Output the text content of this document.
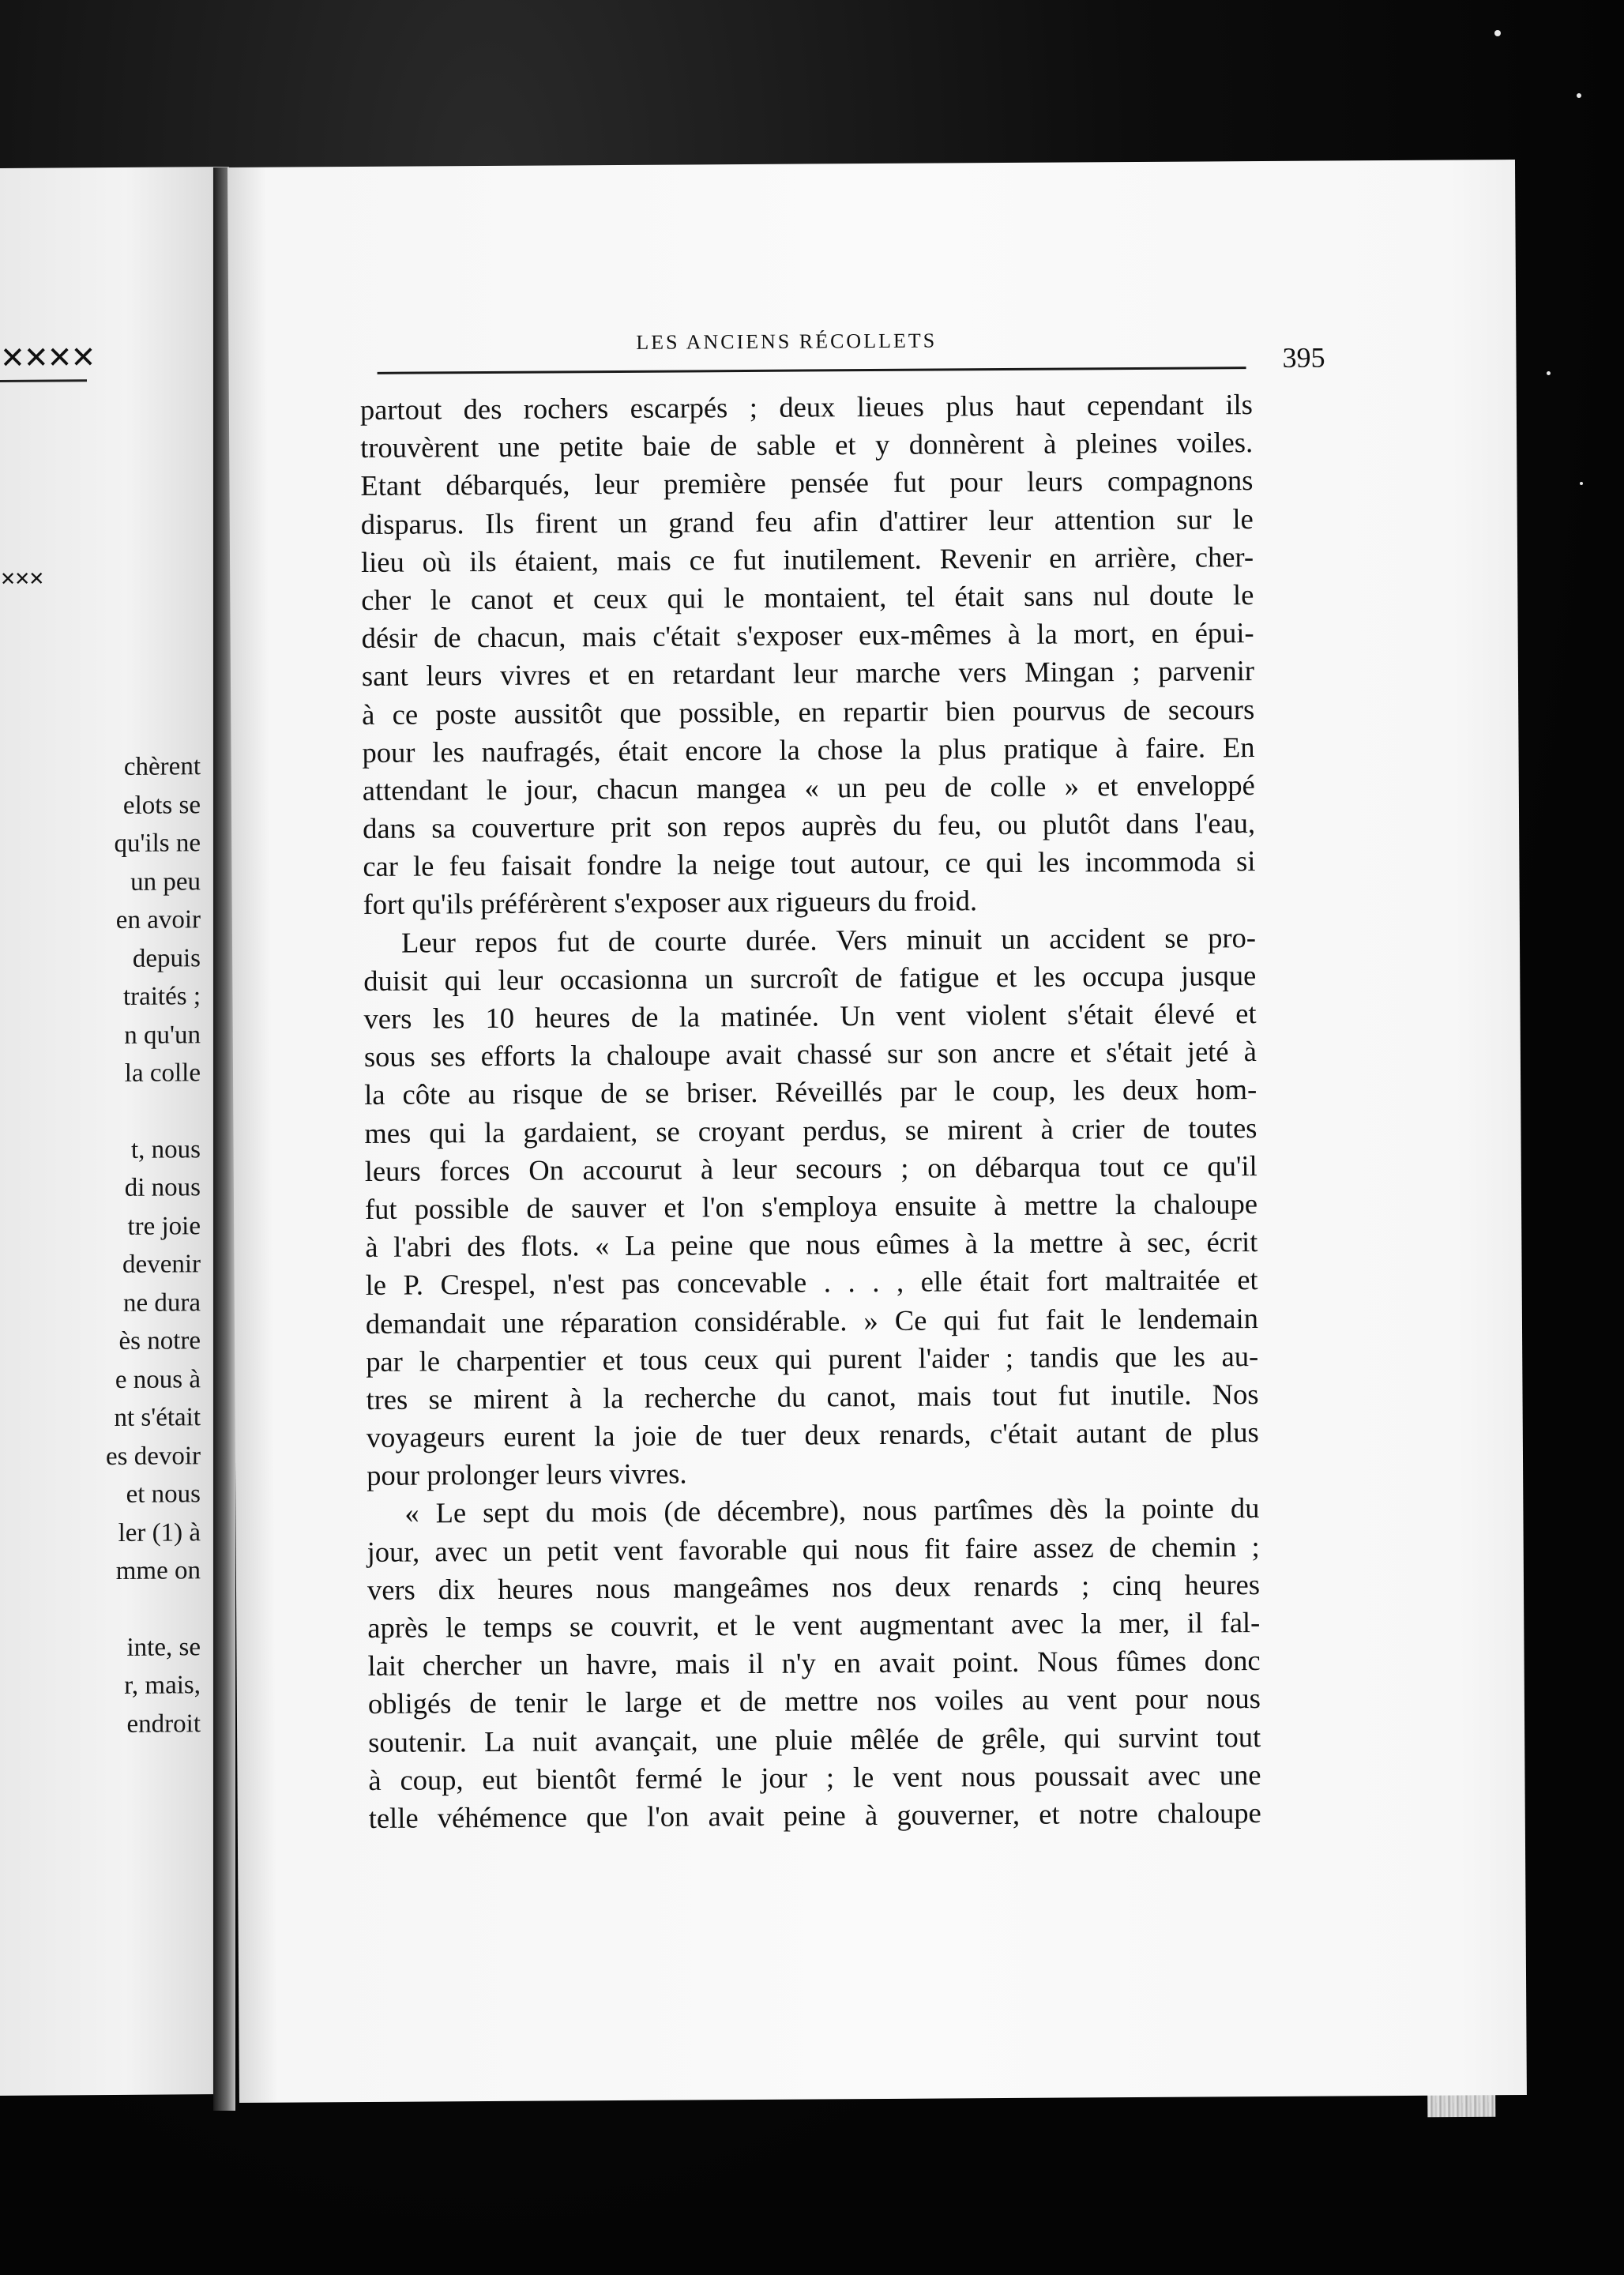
✕✕✕✕
✕✕✕
chèrent
elots se
qu'ils ne
un peu
en avoir
depuis
traités ;
n qu'un
la colle
t, nous
di nous
tre joie
devenir
ne dura
ès notre
e nous à
nt s'était
es devoir
et nous
ler (1) à
mme on
inte, se
r, mais,
endroit
LES ANCIENS RÉCOLLETS
395
partout des rochers escarpés ; deux lieues plus haut cependant ils
trouvèrent une petite baie de sable et y donnèrent à pleines voiles.
Etant débarqués, leur première pensée fut pour leurs compagnons
disparus. Ils firent un grand feu afin d'attirer leur attention sur le
lieu où ils étaient, mais ce fut inutilement. Revenir en arrière, cher-
cher le canot et ceux qui le montaient, tel était sans nul doute le
désir de chacun, mais c'était s'exposer eux-mêmes à la mort, en épui-
sant leurs vivres et en retardant leur marche vers Mingan ; parvenir
à ce poste aussitôt que possible, en repartir bien pourvus de secours
pour les naufragés, était encore la chose la plus pratique à faire. En
attendant le jour, chacun mangea « un peu de colle » et enveloppé
dans sa couverture prit son repos auprès du feu, ou plutôt dans l'eau,
car le feu faisait fondre la neige tout autour, ce qui les incommoda si
fort qu'ils préférèrent s'exposer aux rigueurs du froid.
Leur repos fut de courte durée. Vers minuit un accident se pro-
duisit qui leur occasionna un surcroît de fatigue et les occupa jusque
vers les 10 heures de la matinée. Un vent violent s'était élevé et
sous ses efforts la chaloupe avait chassé sur son ancre et s'était jeté à
la côte au risque de se briser. Réveillés par le coup, les deux hom-
mes qui la gardaient, se croyant perdus, se mirent à crier de toutes
leurs forces On accourut à leur secours ; on débarqua tout ce qu'il
fut possible de sauver et l'on s'employa ensuite à mettre la chaloupe
à l'abri des flots. « La peine que nous eûmes à la mettre à sec, écrit
le P. Crespel, n'est pas concevable . . . , elle était fort maltraitée et
demandait une réparation considérable. » Ce qui fut fait le lendemain
par le charpentier et tous ceux qui purent l'aider ; tandis que les au-
tres se mirent à la recherche du canot, mais tout fut inutile. Nos
voyageurs eurent la joie de tuer deux renards, c'était autant de plus
pour prolonger leurs vivres.
« Le sept du mois (de décembre), nous partîmes dès la pointe du
jour, avec un petit vent favorable qui nous fit faire assez de chemin ;
vers dix heures nous mangeâmes nos deux renards ; cinq heures
après le temps se couvrit, et le vent augmentant avec la mer, il fal-
lait chercher un havre, mais il n'y en avait point. Nous fûmes donc
obligés de tenir le large et de mettre nos voiles au vent pour nous
soutenir. La nuit avançait, une pluie mêlée de grêle, qui survint tout
à coup, eut bientôt fermé le jour ; le vent nous poussait avec une
telle véhémence que l'on avait peine à gouverner, et notre chaloupe
